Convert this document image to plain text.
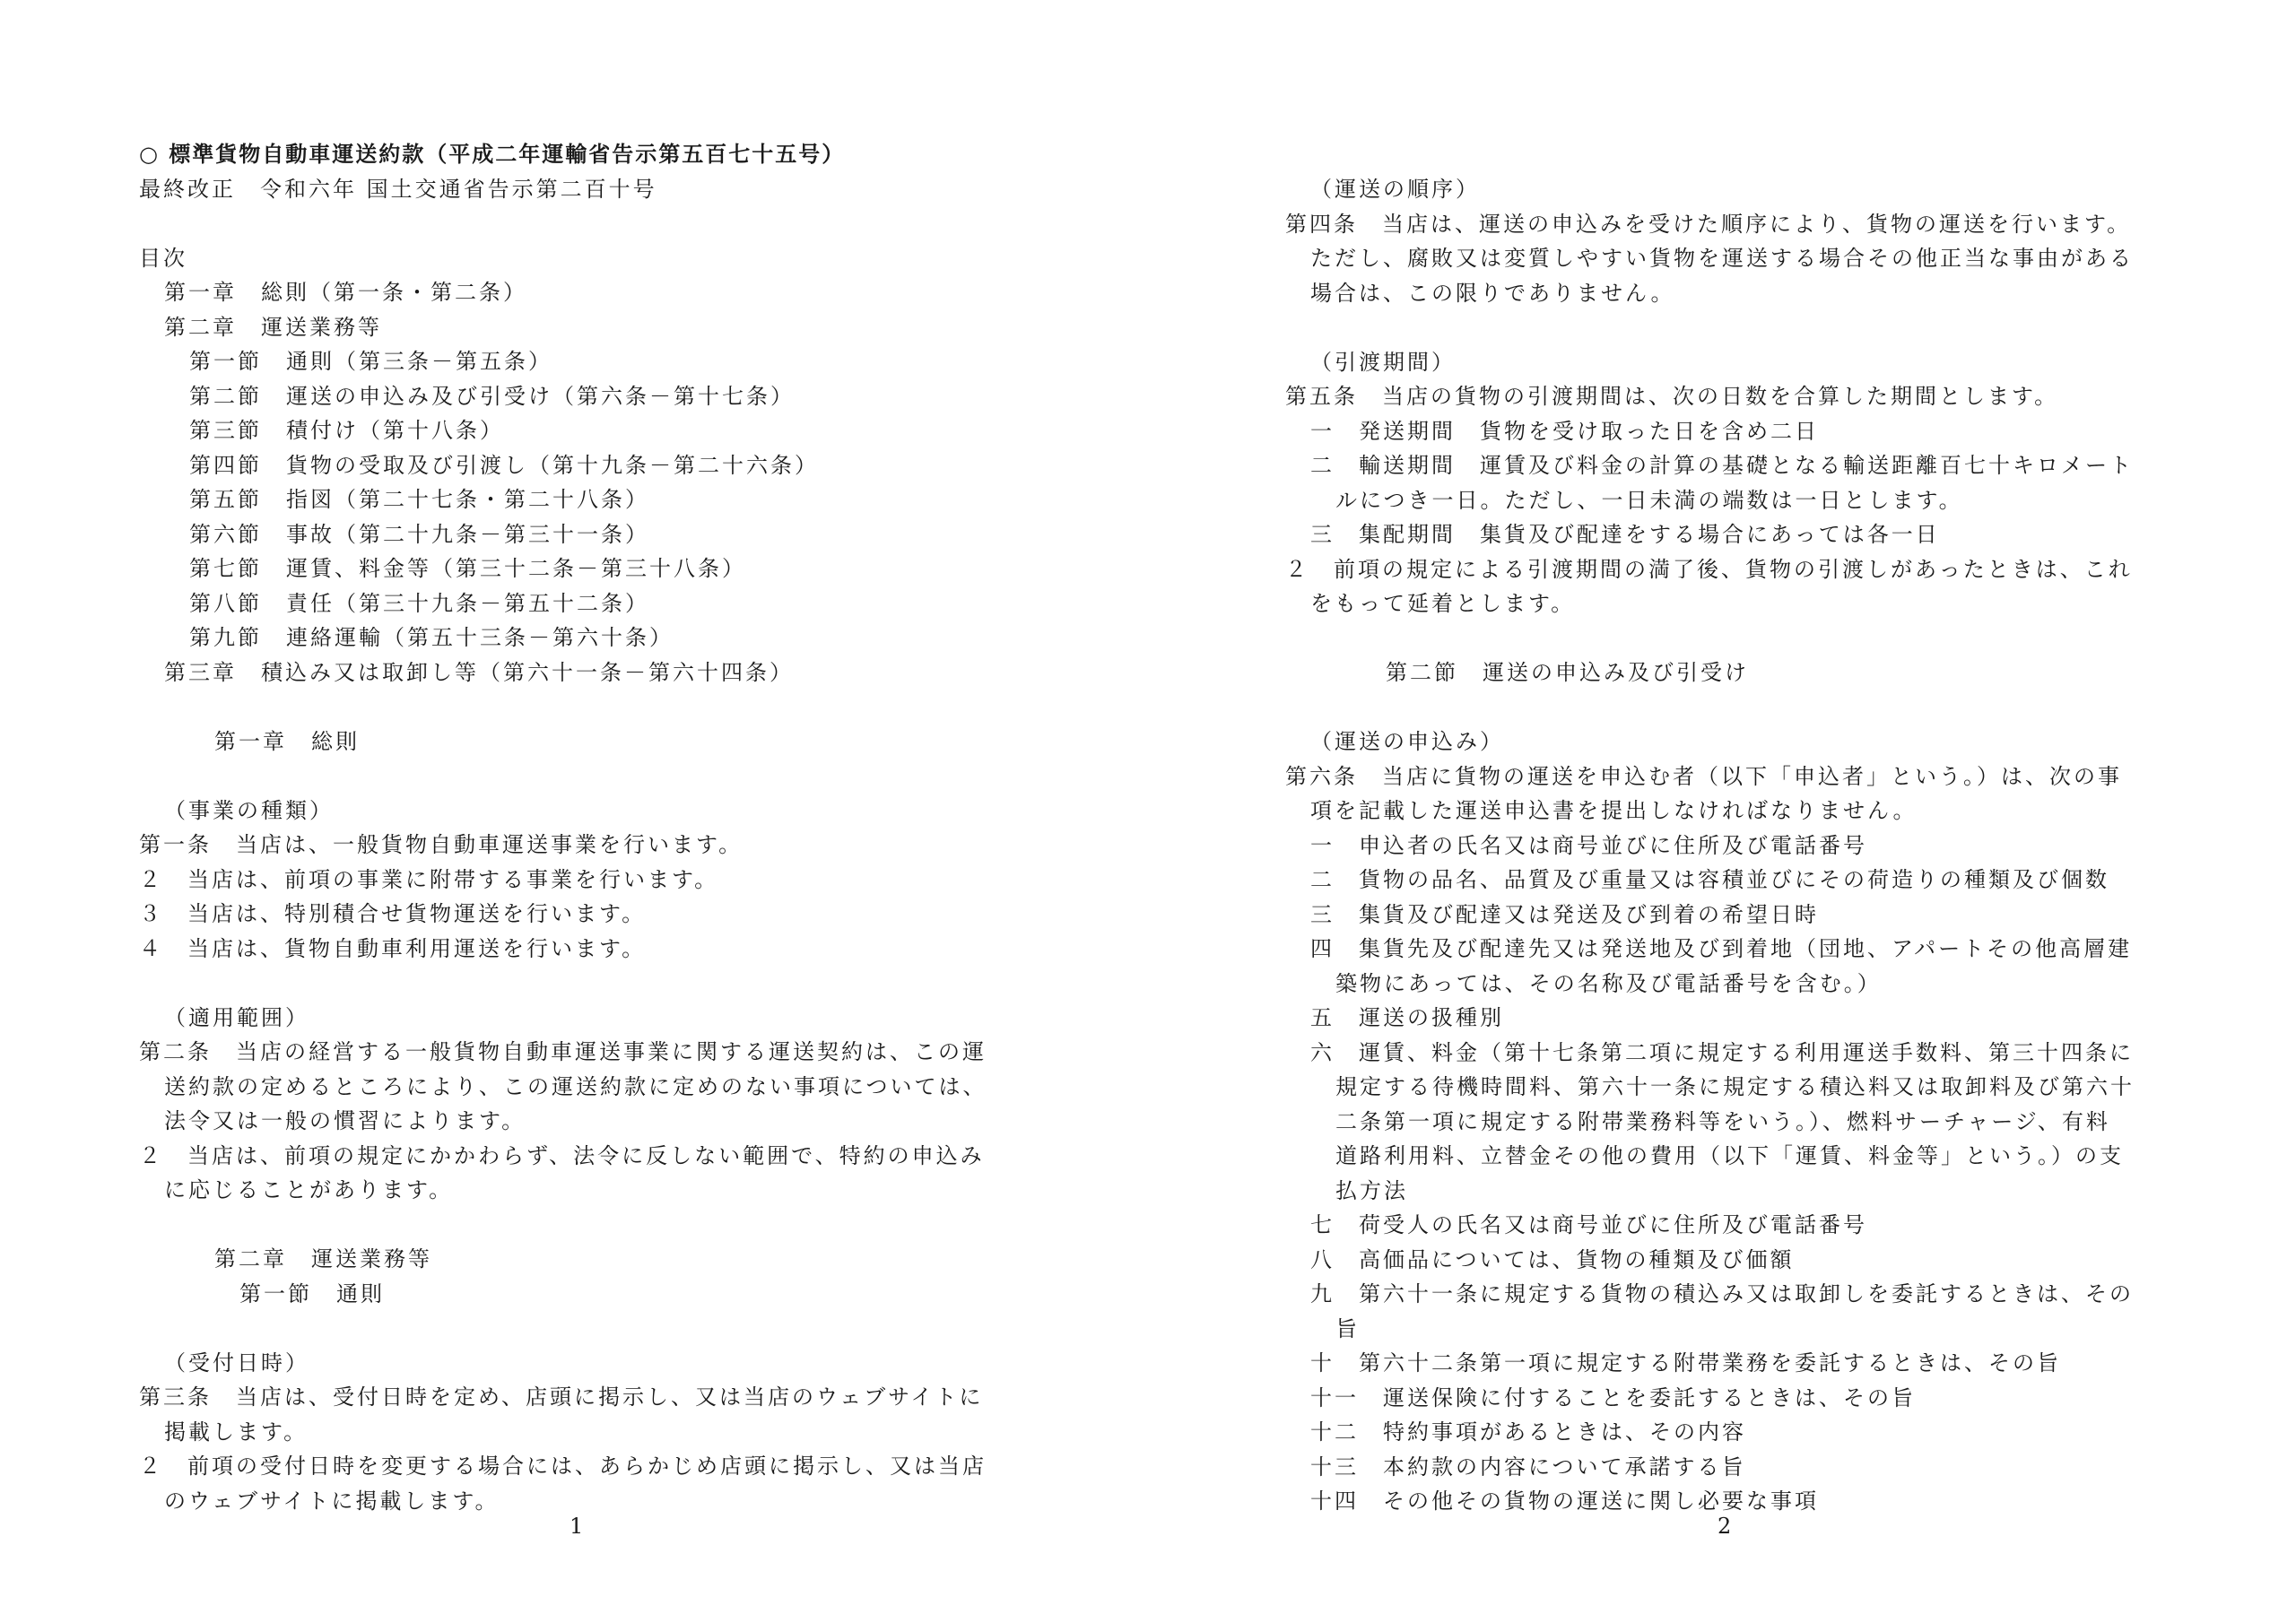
○ 標準貨物自動車運送約款（平成二年運輸省告示第五百七十五号）
最終改正　令和六年 国土交通省告示第二百十号
目次
第一章　総則（第一条・第二条）
第二章　運送業務等
第一節　通則（第三条－第五条）
第二節　運送の申込み及び引受け（第六条－第十七条）
第三節　積付け（第十八条）
第四節　貨物の受取及び引渡し（第十九条－第二十六条）
第五節　指図（第二十七条・第二十八条）
第六節　事故（第二十九条－第三十一条）
第七節　運賃、料金等（第三十二条－第三十八条）
第八節　責任（第三十九条－第五十二条）
第九節　連絡運輸（第五十三条－第六十条）
第三章　積込み又は取卸し等（第六十一条－第六十四条）
第一章　総則
（事業の種類）
第一条　当店は、一般貨物自動車運送事業を行います。
２　当店は、前項の事業に附帯する事業を行います。
３　当店は、特別積合せ貨物運送を行います。
４　当店は、貨物自動車利用運送を行います。
（適用範囲）
第二条　当店の経営する一般貨物自動車運送事業に関する運送契約は、この運
送約款の定めるところにより、この運送約款に定めのない事項については、
法令又は一般の慣習によります。
２　当店は、前項の規定にかかわらず、法令に反しない範囲で、特約の申込み
に応じることがあります。
第二章　運送業務等
第一節　通則
（受付日時）
第三条　当店は、受付日時を定め、店頭に掲示し、又は当店のウェブサイトに
掲載します。
２　前項の受付日時を変更する場合には、あらかじめ店頭に掲示し、又は当店
のウェブサイトに掲載します。
1
（運送の順序）
第四条　当店は、運送の申込みを受けた順序により、貨物の運送を行います。
ただし、腐敗又は変質しやすい貨物を運送する場合その他正当な事由がある
場合は、この限りでありません。
（引渡期間）
第五条　当店の貨物の引渡期間は、次の日数を合算した期間とします。
一　発送期間　貨物を受け取った日を含め二日
二　輸送期間　運賃及び料金の計算の基礎となる輸送距離百七十キロメート
ルにつき一日。ただし、一日未満の端数は一日とします。
三　集配期間　集貨及び配達をする場合にあっては各一日
２　前項の規定による引渡期間の満了後、貨物の引渡しがあったときは、これ
をもって延着とします。
第二節　運送の申込み及び引受け
（運送の申込み）
第六条　当店に貨物の運送を申込む者（以下「申込者」という。）は、次の事
項を記載した運送申込書を提出しなければなりません。
一　申込者の氏名又は商号並びに住所及び電話番号
二　貨物の品名、品質及び重量又は容積並びにその荷造りの種類及び個数
三　集貨及び配達又は発送及び到着の希望日時
四　集貨先及び配達先又は発送地及び到着地（団地、アパートその他高層建
築物にあっては、その名称及び電話番号を含む。）
五　運送の扱種別
六　運賃、料金（第十七条第二項に規定する利用運送手数料、第三十四条に
規定する待機時間料、第六十一条に規定する積込料又は取卸料及び第六十
二条第一項に規定する附帯業務料等をいう。）、燃料サーチャージ、有料
道路利用料、立替金その他の費用（以下「運賃、料金等」という。）の支
払方法
七　荷受人の氏名又は商号並びに住所及び電話番号
八　高価品については、貨物の種類及び価額
九　第六十一条に規定する貨物の積込み又は取卸しを委託するときは、その
旨
十　第六十二条第一項に規定する附帯業務を委託するときは、その旨
十一　運送保険に付することを委託するときは、その旨
十二　特約事項があるときは、その内容
十三　本約款の内容について承諾する旨
十四　その他その貨物の運送に関し必要な事項
2
